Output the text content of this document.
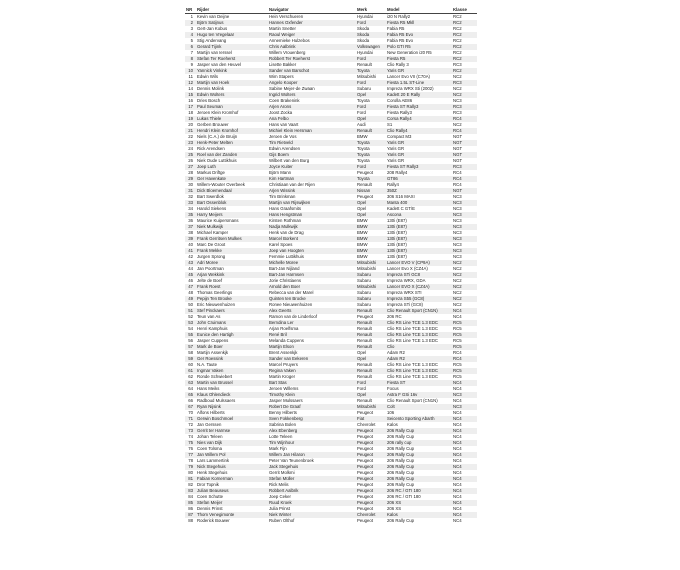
NR	Rijder	Navigator	Merk	Model	Klasse
1	Kevin van Deijne	Hein Verschueren	Hyundai	i20 N Rally2	RC2
2	Björn Satijnus	Hannes Oxfender	Ford	Fiesta R5 Mkll	RC2
3	Gert-Jan Kobus	Martin Snetter	Skoda	Fabia R5	RC2
4	Hugo ten Vregelaar	Raoul Weiger	Skoda	Fabia R5 Evo	RC2
5	Stig Andervang	Annemieke Hulzebos	Skoda	Fabia R5 Evo	RC2
6	Gerard Tijink	Chris Aalbrink	Volkswagen	Polo GTI R5	RC2
7	Martijn van Ierssel	Willem Vrouenberg	Hyundai	New Generation i20 R5	RC2
8	Stefan Ter Roeherst	Robbert Ter Roeherst	Ford	Fiesta R5	RC2
9	Jasper van den Heuvel	Lisette Bakker	Renault	Clio Rally 3	RC3
10	Yannick Vinkink	Sander van Barschot	Toyota	Yaris GR	RC2
11	Edwin Wils	Wim Stapers	Mitsubishi	Lancer Evo VII (C70A)	NC2
12	Martijn van Hoek	Angelo Kooper	Ford	Fiesta 1.5L ST-Line	RC3
14	Dennis Molink	Sabine Mejer-de Zwaan	Subaru	Impreza WRX Sti (2002)	NC2
15	Edwin Wolters	Ingrid Wolters	Opel	Kadett 20 E Rally	NC2
16	Dries Bosch	Coen Brakenink	Toyota	Corolla AE86	NC3
17	Paul Seuman	Arjen Arons	Ford	Fiesta ST Rally3	RC3
18	Jeroen Klein Kromhof	Joost Zocka	Ford	Fiesta Rally3	RC3
19	Lukas Thiele	Ana Felbo	Opel	Corsa Rally4	RC4
20	Gerben Brouwer	Hans van Vaart	Audi	S1	NC2
21	Hendri Klein Kromhof	Michiel Klein Hersman	Renault	Clio Rally4	RC4
22	Niels (C.A.) de Bruijn	Jeroen de Vos	BMW	Compact M3	NGT
23	Henk-Peter Melten	Tim Rietveld	Toyota	Yaris GR	NGT
24	Rick Arendsen	Edwin Arendsen	Toyota	Yaris GR	NGT
25	Roel van der Zanden	Gijs Boem	Toyota	Yaris GR	NGT
26	Niek Oude Luttikhuis	Wilbert van den Burg	Toyota	Yaris GR	NGT
27	Joep Luth	Joyce Kuiter	Ford	Fiesta ST Rally3	RC3
28	Markus Driftge	Björn Mann	Peugeot	208 Rally4	RC4
29	Ger Havenkate	Kim Hartman	Toyota	GT86	RC4
30	Willem-Wouter Overbeek	Christiaan van der Rijen	Renault	Rally4	RC4
31	Dick Bloemendaal	Arjen Wissink	Nissan	350Z	NGT
32	Bart Swerdlok	Tim Brinkman	Peugeot	306 S16 MAXI	NC3
33	Bart Ossenblok	Martijn van Rijswijken	Opel	Manta 400	NC3
34	Harold Siekens	Hans Graafsmits	Opel	Kadett C GT/E	NC3
35	Harry Meijers	Hans Hengstman	Opel	Ascona	NC3
36	Maurice Kuipersmans	Kirsten Rothman	BMW	130i (E87)	NC3
37	Niek Mulkwijk	Nadja Mulkwijk	BMW	130i (E87)	NC3
38	Michael Kamper	Henk van de Drag	BMW	130i (E87)	NC3
39	Frank Gerritsen Mulkes	Marcel Borkent	BMW	130i (E87)	NC3
40	Marc De Groot	Karel Spoes	BMW	130i (E87)	NC3
41	Frank Mekke	Joep van Hoogten	BMW	130i (E87)	NC3
42	Jurgen Sprong	Femmie Luttikhuis	BMW	130i (E87)	NC3
43	Adri Moree	Michelle Moree	Mitsubishi	Lancer EVO V (CP9A)	NC2
44	Jan Poortman	Bart-Jan Nijland	Mitsubishi	Lancer Evo X (CZ4A)	NC2
45	Arjan Wekkink	Bart-Jan Harmsen	Subaru	Impreza STi GC8	NC2
46	Jelte de Boef	Jorie Christiaens	Subaru	Impreza WRX, GDA	NC2
47	Frank Roest	Arnold den Boer	Mitsubishi	Lancer EVO X (CZ4A)	NC2
48	Thomas Geerlings	Rebecca van der Marel	Subaru	Impreza WRX STI	NC2
49	Pepijn Ten Brooke	Quinten ten Brocke	Subaru	Impreza S55 (GC8)	NC2
50	Eric Nieuwenhuizen	Ronee Nieuwenhuizen	Subaru	Impreza STi (GC8)	NC2
51	Stef Pinckaers	Alex Geerts	Renault	Clio Renault Sport (CN1N)	NC4
52	Teun van As	Ramon van de Linderloof	Peugeot	206 RC	NC4
53	John Cruimans	Berndina Ler	Renault	Clio RS Line TCE 1.3 EDC	RC5
54	Henri Kamphuis	Arjan Roelfsma	Renault	Clio RS Line TCE 1.3 EDC	RC5
55	Eunice den Hartigh	René Bril	Renault	Clio RS Line TCE 1.3 EDC	RC5
56	Jasper Cuppens	Melanda Cuppens	Renault	Clio RS Line TCE 1.3 EDC	RC5
57	Mark de Boer	Martijn Elson	Renault	Clio	RC5
58	Martijn Assenkjk	Brent Assenkjk	Opel	Adam R2	RC4
59	Ger Roessink	Sander van Eekeren	Opel	Adam R2	RC4
60	N.A. Taute	Marcel Pruyers	Renault	Clio RS Line TCE 1.3 EDC	RC5
61	Ingmar Vaken	Regina Vaken	Renault	Clio RS Line TCE 1.3 EDC	RC5
62	Ronde Schwiebert	Martin Kroger	Renault	Clio RS Line TCE 1.3 EDC	RC5
63	Martin van Brussel	Bart Stas	Ford	Fiesta ST	NC4
64	Hans Meiks	Jeroen Willems	Ford	Focus	NC4
65	Klaus Ohlendieck	Timothy Klein	Opel	Astra F GSi 16v	NC3
66	Radboud Mulssaers	Jasper Mulssaers	Renault	Clio Renault Sport (CN1N)	NC4
67	Ryan Nijsink	Robert De Graaf	Mitsubishi	Colt	NC3
70	Alfons Hilberts	Benny Hilberts	Peugeot	106	NC4
71	Gerwin Boschmoel	Sven Fokkenberg	Fiat	Seicento Sporting Abarth	NC4
72	Jan Gerssen	Sabrina Bolen	Chevrolet	Kalos	NC4
73	Gerrit ter Harmse	Alex Ebenberg	Peugeot	206 Rally Cup	NC4
74	Johan Teleen	Lotte Teleen	Peugeot	206 Rally Cup	NC4
75	Nies van Dijk	Tim Wijnhour	Peugeot	206 rally cup	NC4
76	Coen Tolsma	Mark Fijn	Peugeot	206 Rally Cup	NC4
77	Jan Willem Pol	Willem Jan Hilaron	Peugeot	206 Rally Cup	NC4
78	Lars Lammertink	Peter Van Teunenbroek	Peugeot	206 Rally Cup	NC4
79	Nick Stegehuis	Jack Stegehuis	Peugeot	206 Rally Cup	NC4
80	Henk Stegehuis	Gerrit Molkmi	Peugeot	206 Rally Cup	NC4
81	Fabian Kornerman	Stefan Müller	Peugeot	206 Rally Cup	NC4
82	Dror Topnik	Rick Melis	Peugeot	206 Rally Cup	NC4
83	Julian Beauseus	Robbert Aalbrik	Peugeot	206 RC / GTI 180	NC4
84	Coen Schutte	Joep Ceker	Peugeot	206 RC / GTI 180	NC4
85	Stefan Meijer	Ruud Kroek	Peugeot	206 XS	NC4
86	Dennis Prinst	Julia Prinst	Peugeot	206 XS	NC4
87	Thom Venegimonte	Niek Winter	Chevrolet	Kalos	NC4
88	Roderick Bouwer	Ruben Olthof	Peugeot	206 Rally Cup	NC4
